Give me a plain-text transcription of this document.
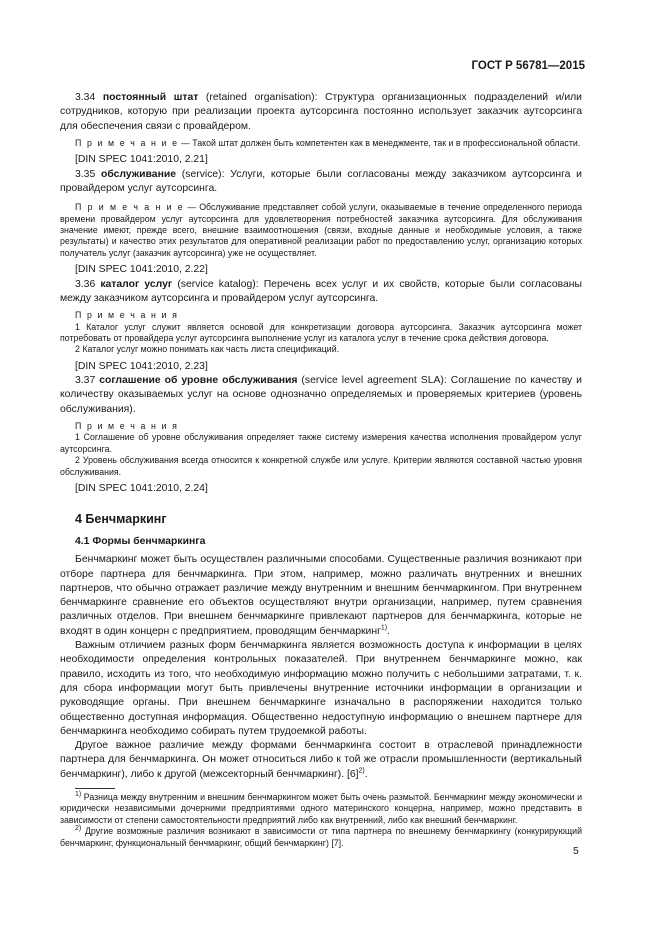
ГОСТ Р 56781—2015

3.34 постоянный штат (retained organisation): Структура организационных подразделений и/или сотрудников, которую при реализации проекта аутсорсинга постоянно использует заказчик аутсорсинга для обеспечения связи с провайдером.

П р и м е ч а н и е — Такой штат должен быть компетентен как в менеджменте, так и в профессиональной области.

[DIN SPEC 1041:2010, 2.21]

3.35 обслуживание (service): Услуги, которые были согласованы между заказчиком аутсорсинга и провайдером услуг аутсорсинга.

П р и м е ч а н и е — Обслуживание представляет собой услуги, оказываемые в течение определенного периода времени провайдером услуг аутсорсинга для удовлетворения потребностей заказчика аутсорсинга. Для обслуживания значение имеют, прежде всего, внешние взаимоотношения (связи, входные данные и необходимые условия, а также результаты) и качество этих результатов для оперативной реализации работ по предоставлению услуг, организацию которых получатель услуг (заказчик аутсорсинга) уже не осуществляет.

[DIN SPEC 1041:2010, 2.22]

3.36 каталог услуг (service katalog): Перечень всех услуг и их свойств, которые были согласованы между заказчиком аутсорсинга и провайдером услуг аутсорсинга.

П р и м е ч а н и я

1 Каталог услуг служит является основой для конкретизации договора аутсорсинга. Заказчик аутсорсинга может потребовать от провайдера услуг аутсорсинга выполнение услуг из каталога услуг в течение срока действия договора.

2 Каталог услуг можно понимать как часть листа спецификаций.

[DIN SPEC 1041:2010, 2.23]

3.37 соглашение об уровне обслуживания (service level agreement SLA): Соглашение по качеству и количеству оказываемых услуг на основе однозначно определяемых и проверяемых критериев (уровень обслуживания).

П р и м е ч а н и я

1 Соглашение об уровне обслуживания определяет также систему измерения качества исполнения провайдером услуг аутсорсинга.

2 Уровень обслуживания всегда относится к конкретной службе или услуге. Критерии являются составной частью уровня обслуживания.

[DIN SPEC 1041:2010, 2.24]

4 Бенчмаркинг
4.1 Формы бенчмаркинга

Бенчмаркинг может быть осуществлен различными способами. Существенные различия возникают при отборе партнера для бенчмаркинга. При этом, например, можно различать внутренних и внешних партнеров, что обычно отражает различие между внутренним и внешним бенчмаркингом. При внутреннем бенчмаркинге сравнение его объектов осуществляют внутри организации, например, путем сравнения различных отделов. При внешнем бенчмаркинге привлекают партнеров для бенчмаркинга, которые не входят в один концерн с предприятием, проводящим бенчмаркинг$^{1)}$.

Важным отличием разных форм бенчмаркинга является возможность доступа к информации в целях необходимости определения контрольных показателей. При внутреннем бенчмаркинге можно, как правило, исходить из того, что необходимую информацию можно получить с небольшими затратами, т. к. для сбора информации могут быть привлечены внутренние источники информации в организации и руководящие органы. При внешнем бенчмаркинге изначально в распоряжении находится только общественно доступная информация. Общественно недоступную информацию о внешнем партнере для бенчмаркинга необходимо собирать путем трудоемкой работы.

Другое важное различие между формами бенчмаркинга состоит в отраслевой принадлежности партнера для бенчмаркинга. Он может относиться либо к той же отрасли промышленности (вертикальный бенчмаркинг), либо к другой (межсекторный бенчмаркинг). $[6]^{2)}$.

$^{1)}$ Разница между внутренним и внешним бенчмаркингом может быть очень размытой. Бенчмаркинг между экономически и юридически независимыми дочерними предприятиями одного материнского концерна, например, можно представить в зависимости от степени самостоятельности предприятий либо как внутренний, либо как внешний бенчмаркинг.

$^{2)}$ Другие возможные различия возникают в зависимости от типа партнера по внешнему бенчмаркингу (конкурирующий бенчмаркинг, функциональный бенчмаркинг, общий бенчмаркинг) [7].

5
